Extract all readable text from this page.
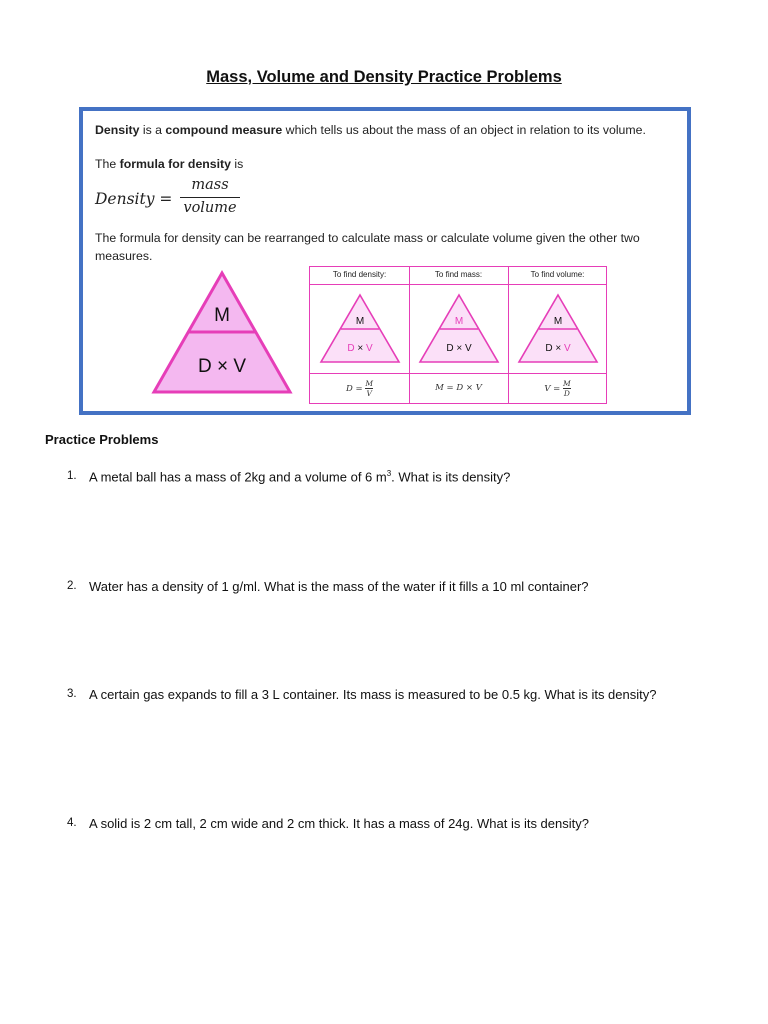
Mass, Volume and Density Practice Problems
Density is a compound measure which tells us about the mass of an object in relation to its volume.
The formula for density is
Density =
mass
volume
The formula for density can be rearranged to calculate mass or calculate volume given the other two measures.
M
D × V
To find density:	To find mass:	To find volume:
M
D × V
M
D × V
M
D × V
$D = \frac{M}{V}$	M = D × V	$V = \frac{M}{D}$
Practice Problems
1. A metal ball has a mass of 2kg and a volume of 6 $m^3$. What is its density?
2. Water has a density of 1 g/ml. What is the mass of the water if it fills a 10 ml container?
3. A certain gas expands to fill a 3 L container. Its mass is measured to be 0.5 kg. What is its density?
4. A solid is 2 cm tall, 2 cm wide and 2 cm thick. It has a mass of 24g. What is its density?
